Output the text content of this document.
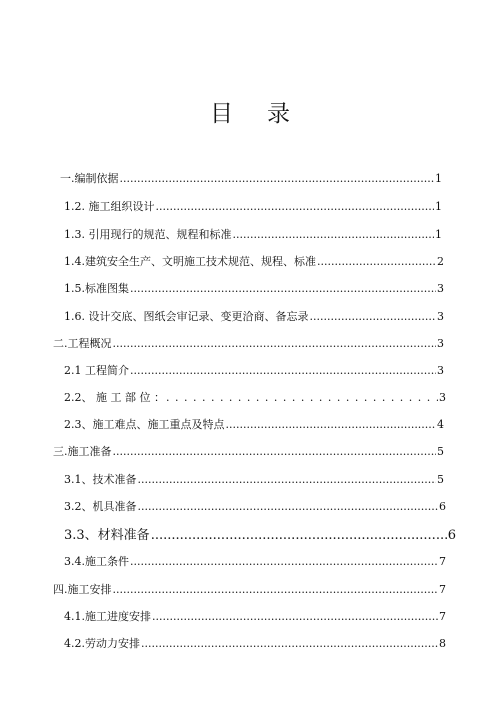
目 录
一.编制依据 .....	1
1.2. 施工组织设计 .....	1
1.3. 引用现行的规范、规程和标准 .....	1
1.4.建筑安全生产、文明施工技术规范、规程、标准 .....	2
1.5.标准图集 .....	3
1.6. 设计交底、图纸会审记录、变更洽商、备忘录 .....	3
二.工程概况 .....	3
2.1 工程简介 .....	3
2.2、 施 工 部 位 ： . . .	3
2.3、施工难点、施工重点及特点 .....	4
三.施工准备 .....	5
3.1、技术准备 .....	5
3.2、机具准备 .....	6
3.3、材料准备 .....	6
3.4.施工条件 .....	7
四.施工安排 .....	7
4.1.施工进度安排 .....	7
4.2.劳动力安排 .....	8
